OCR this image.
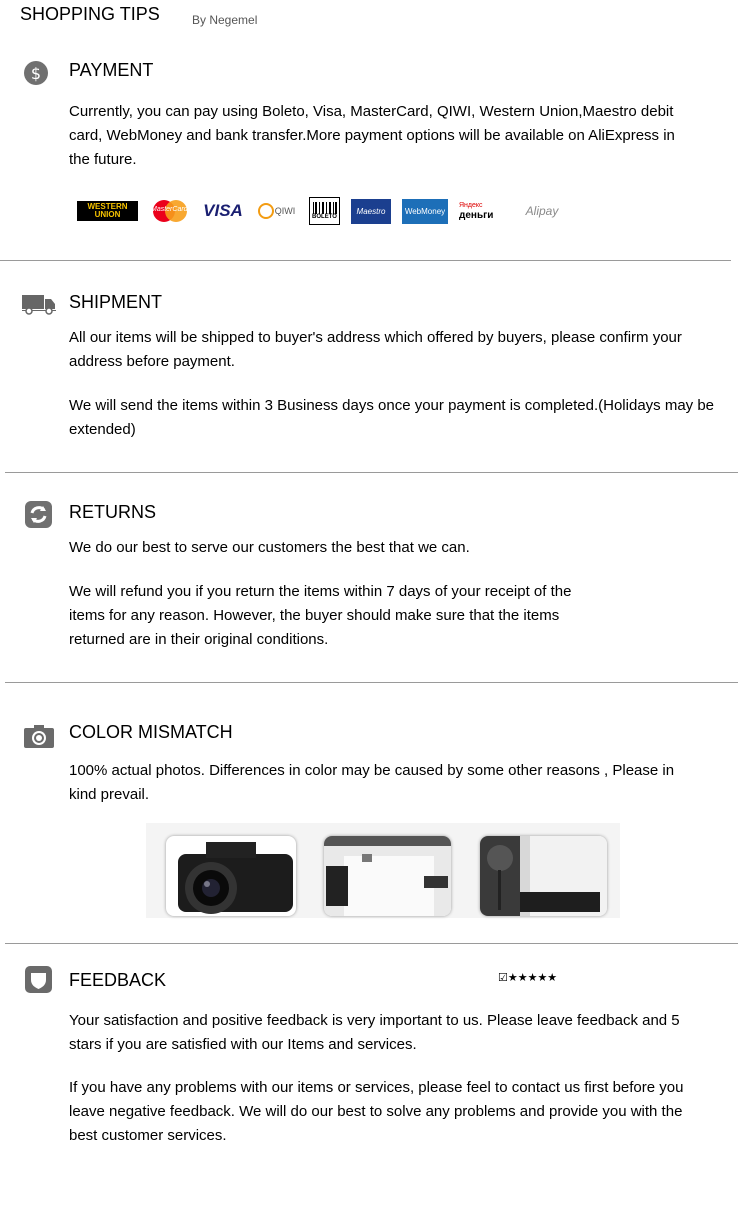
SHOPPING TIPS	By Negemel
$ PAYMENT
Currently, you can pay using Boleto, Visa, MasterCard, QIWI, Western Union,Maestro debit card, WebMoney and bank transfer.More payment options will be available on AliExpress in the future.
WESTERN
UNION
MasterCard VISA	QIWI
BOLETO
Maestro	WebMoney
Яндекс
деньги	Alipay
SHIPMENT
All our items will be shipped to buyer's address which offered by buyers, please confirm your address before payment.
We will send the items within 3 Business days once your payment is completed.(Holidays may be extended)
RETURNS
We do our best to serve our customers the best that we can.
We will refund you if you return the items within 7 days of your receipt of the items for any reason. However, the buyer should make sure that the items returned are in their original conditions.
COLOR MISMATCH
100% actual photos. Differences in color may be caused by some other reasons , Please in kind prevail.
FEEDBACK	☑★★★★★
Your satisfaction and positive feedback is very important to us. Please leave feedback and 5 stars if you are satisfied with our Items and services.
If you have any problems with our items or services, please feel to contact us first before you leave negative feedback. We will do our best to solve any problems and provide you with the best customer services.
